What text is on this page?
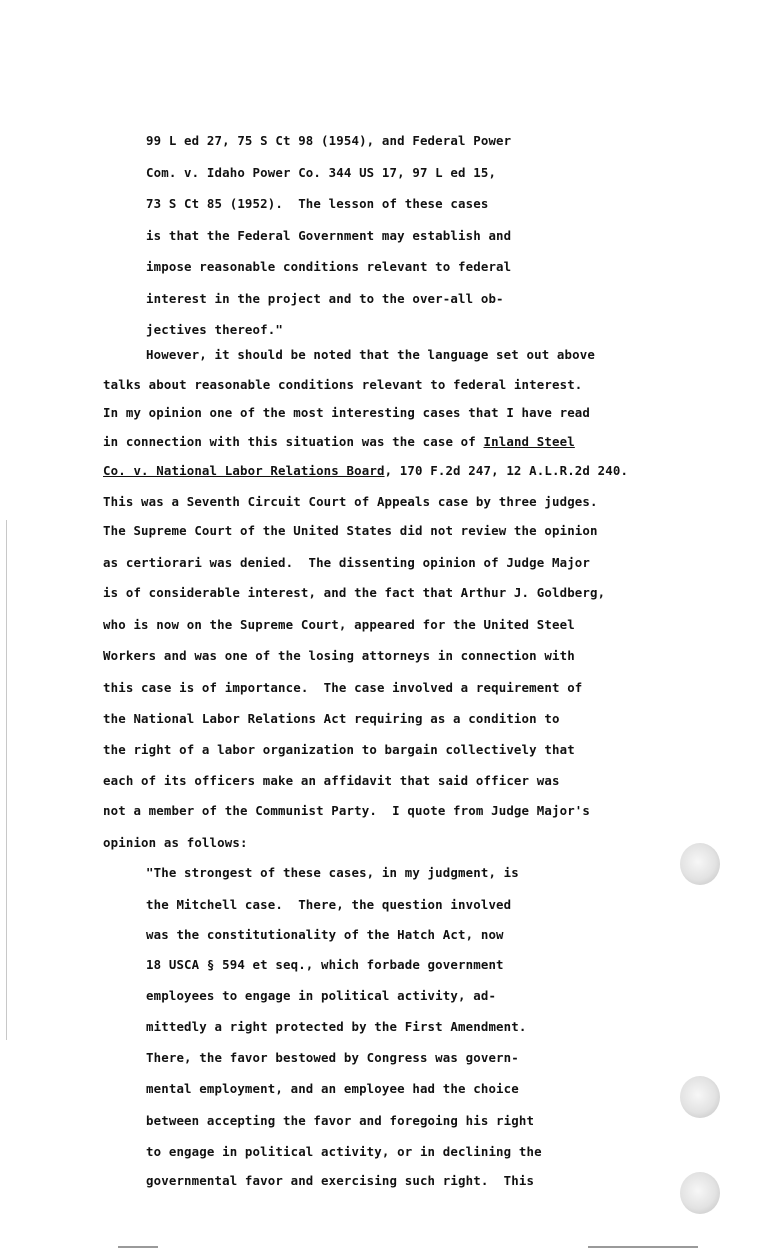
99 L ed 27, 75 S Ct 98 (1954), and Federal Power
Com. v. Idaho Power Co. 344 US 17, 97 L ed 15,
73 S Ct 85 (1952).  The lesson of these cases
is that the Federal Government may establish and
impose reasonable conditions relevant to federal
interest in the project and to the over-all ob-
jectives thereof."
However, it should be noted that the language set out above
talks about reasonable conditions relevant to federal interest.
In my opinion one of the most interesting cases that I have read
in connection with this situation was the case of Inland Steel
Co. v. National Labor Relations Board, 170 F.2d 247, 12 A.L.R.2d 240.
This was a Seventh Circuit Court of Appeals case by three judges.
The Supreme Court of the United States did not review the opinion
as certiorari was denied.  The dissenting opinion of Judge Major
is of considerable interest, and the fact that Arthur J. Goldberg,
who is now on the Supreme Court, appeared for the United Steel
Workers and was one of the losing attorneys in connection with
this case is of importance.  The case involved a requirement of
the National Labor Relations Act requiring as a condition to
the right of a labor organization to bargain collectively that
each of its officers make an affidavit that said officer was
not a member of the Communist Party.  I quote from Judge Major's
opinion as follows:
"The strongest of these cases, in my judgment, is
the Mitchell case.  There, the question involved
was the constitutionality of the Hatch Act, now
18 USCA § 594 et seq., which forbade government
employees to engage in political activity, ad-
mittedly a right protected by the First Amendment.
There, the favor bestowed by Congress was govern-
mental employment, and an employee had the choice
between accepting the favor and foregoing his right
to engage in political activity, or in declining the
governmental favor and exercising such right.  This
